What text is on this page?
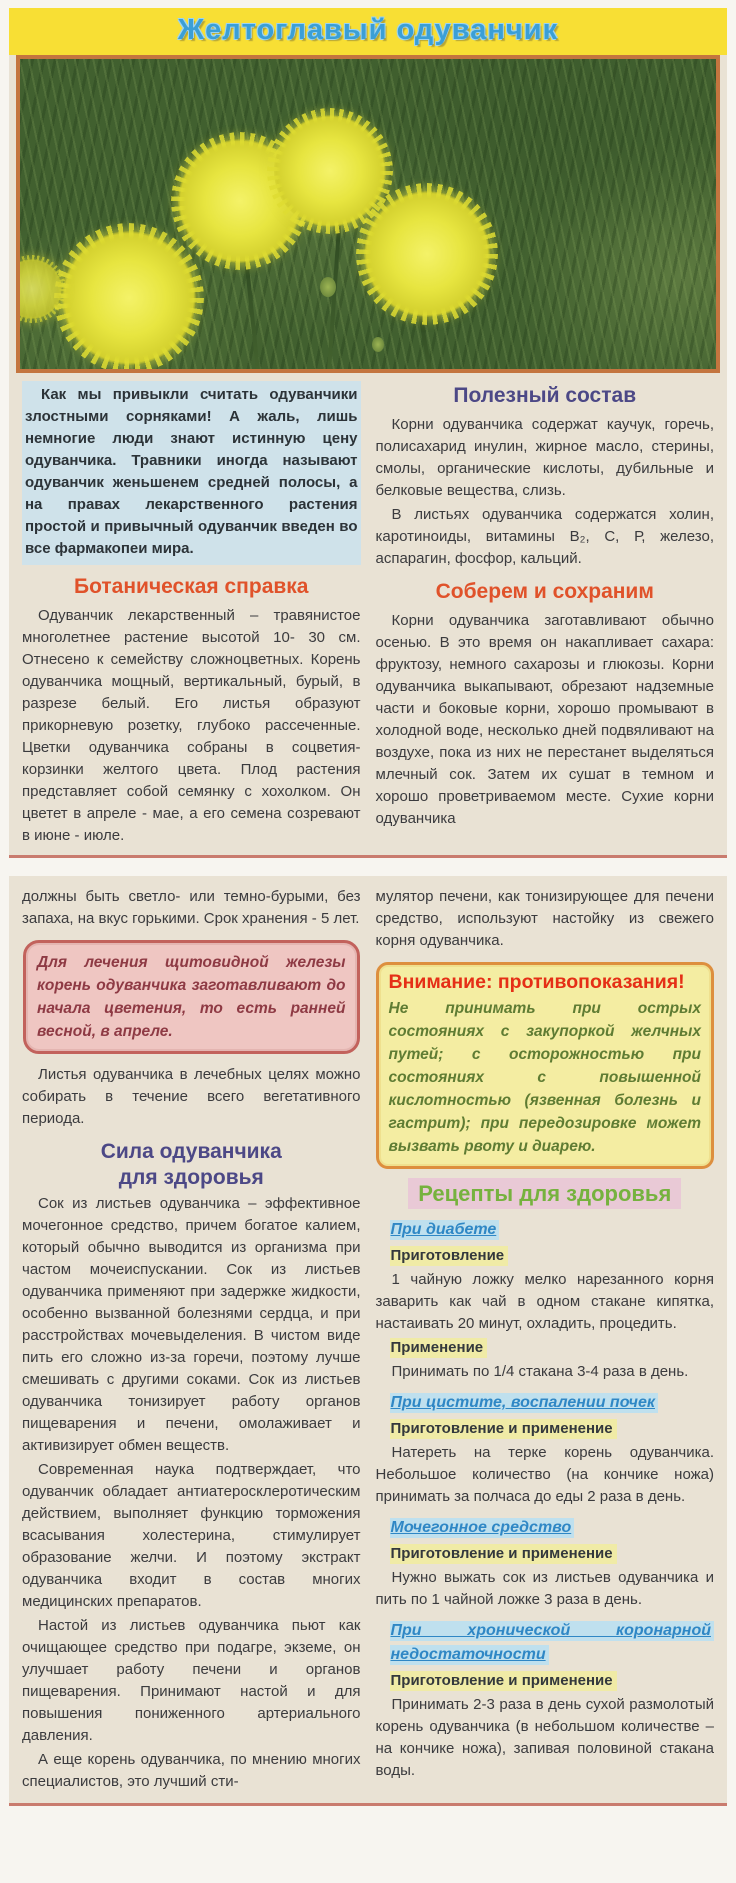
Желтоглавый одуванчик

Как мы привыкли считать одуванчики злостными сорняками! А жаль, лишь немногие люди знают истинную цену одуванчика. Травники иногда называют одуванчик женьшенем средней полосы, а на правах лекарственного растения простой и привычный одуванчик введен во все фармакопеи мира.

Ботаническая справка

Одуванчик лекарственный – травянистое многолетнее растение высотой 10- 30 см. Отнесено к семейству сложноцветных. Корень одуванчика мощный, вертикальный, бурый, в разрезе белый. Его листья образуют прикорневую розетку, глубоко рассеченные. Цветки одуванчика собраны в соцветия-корзинки желтого цвета. Плод растения представляет собой семянку с хохолком. Он цветет в апреле - мае, а его семена созревают в июне - июле.

Полезный состав

Корни одуванчика содержат каучук, горечь, полисахарид инулин, жирное масло, стерины, смолы, органические кислоты, дубильные и белковые вещества, слизь.

В листьях одуванчика содержатся холин, каротиноиды, витамины В₂, С, Р, железо, аспарагин, фосфор, кальций.

Соберем и сохраним

Корни одуванчика заготавливают обычно осенью. В это время он накапливает сахара: фруктозу, немного сахарозы и глюкозы. Корни одуванчика выкапывают, обрезают надземные части и боковые корни, хорошо промывают в холодной воде, несколько дней подвяливают на воздухе, пока из них не перестанет выделяться млечный сок. Затем их сушат в темном и хорошо проветриваемом месте. Сухие корни одуванчика

должны быть светло- или темно-бурыми, без запаха, на вкус горькими. Срок хранения - 5 лет.

Для лечения щитовидной железы корень одуванчика заготавливают до начала цветения, то есть ранней весной, в апреле.

Листья одуванчика в лечебных целях можно собирать в течение всего вегетативного периода.

Сила одуванчика
для здоровья

Сок из листьев одуванчика – эффективное мочегонное средство, причем богатое калием, который обычно выводится из организма при частом мочеиспускании. Сок из листьев одуванчика применяют при задержке жидкости, особенно вызванной болезнями сердца, и при расстройствах мочевыделения. В чистом виде пить его сложно из-за горечи, поэтому лучше смешивать с другими соками. Сок из листьев одуванчика тонизирует работу органов пищеварения и печени, омолаживает и активизирует обмен веществ.

Современная наука подтверждает, что одуванчик обладает антиатеросклеротическим действием, выполняет функцию торможения всасывания холестерина, стимулирует образование желчи. И поэтому экстракт одуванчика входит в состав многих медицинских препаратов.

Настой из листьев одуванчика пьют как очищающее средство при подагре, экземе, он улучшает работу печени и органов пищеварения. Принимают настой и для повышения пониженного артериального давления.

А еще корень одуванчика, по мнению многих специалистов, это лучший сти-

мулятор печени, как тонизирующее для печени средство, используют настойку из свежего корня одуванчика.

Внимание: противопоказания!
Не принимать при острых состояниях с закупоркой желчных путей; с осторожностью при состояниях с повышенной кислотностью (язвенная болезнь и гастрит); при передозировке может вызвать рвоту и диарею.
Рецепты для здоровья
При диабете
Приготовление

1 чайную ложку мелко нарезанного корня заварить как чай в одном стакане кипятка, настаивать 20 минут, охладить, процедить.

Применение

Принимать по 1/4 стакана 3-4 раза в день.

При цистите, воспалении почек
Приготовление и применение

Натереть на терке корень одуванчика. Небольшое количество (на кончике ножа) принимать за полчаса до еды 2 раза в день.

Мочегонное средство
Приготовление и применение

Нужно выжать сок из листьев одуванчика и пить по 1 чайной ложке 3 раза в день.

При хронической коронарной недостаточности
Приготовление и применение

Принимать 2-3 раза в день сухой размолотый корень одуванчика (в небольшом количестве – на кончике ножа), запивая половиной стакана воды.
